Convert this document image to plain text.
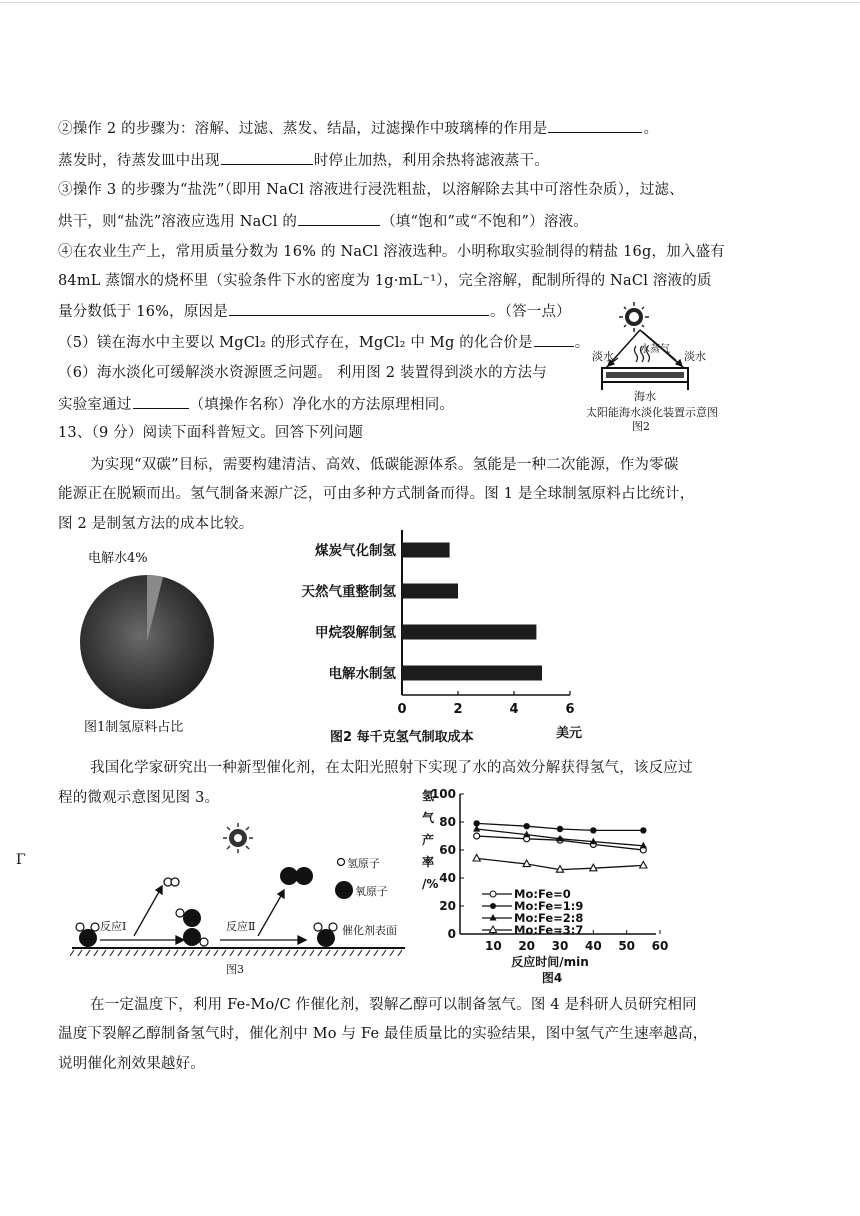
②操作 2 的步骤为：溶解、过滤、蒸发、结晶，过滤操作中玻璃棒的作用是	。
蒸发时，待蒸发皿中出现	时停止加热，利用余热将滤液蒸干。
③操作 3 的步骤为“盐洗”（即用 NaCl 溶液进行浸洗粗盐，以溶解除去其中可溶性杂质），过滤、
烘干，则“盐洗”溶液应选用 NaCl 的	（填“饱和”或“不饱和”）溶液。
④在农业生产上，常用质量分数为 16% 的 NaCl 溶液选种。小明称取实验制得的精盐 16g，加入盛有
84mL 蒸馏水的烧杯里（实验条件下水的密度为 1g·mL⁻¹），完全溶解，配制所得的 NaCl 溶液的质
量分数低于 16%，原因是	。（答一点）
（5）镁在海水中主要以 MgCl₂ 的形式存在，MgCl₂ 中 Mg 的化合价是	。
（6）海水淡化可缓解淡水资源匮乏问题。 利用图 2 装置得到淡水的方法与
实验室通过	（填操作名称）净化水的方法原理相同。
13、（9 分）阅读下面科普短文。回答下列问题
为实现“双碳”目标，需要构建清洁、高效、低碳能源体系。氢能是一种二次能源，作为零碳
能源正在脱颖而出。氢气制备来源广泛，可由多种方式制备而得。图 1 是全球制氢原料占比统计，
图 2 是制氢方法的成本比较。
我国化学家研究出一种新型催化剂，在太阳光照射下实现了水的高效分解获得氢气，该反应过
程的微观示意图见图 3。
在一定温度下，利用 Fe-Mo/C 作催化剂，裂解乙醇可以制备氢气。图 4 是科研人员研究相同
温度下裂解乙醇制备氢气时，催化剂中 Mo 与 Fe 最佳质量比的实验结果，图中氢气产生速率越高，
说明催化剂效果越好。
Γ
淡水
水蒸气
淡水
海水
太阳能海水淡化装置示意图
图2
电解水4%
图1制氢原料占比
煤炭气化制氢
天然气重整制氢
甲烷裂解制氢
电解水制氢
0	2	4	6
美元
图2 每千克氢气制取成本
反应Ⅰ	反应Ⅱ
氢原子
氧原子
催化剂表面
图3
0
20
40
60
80
100
10 20 30 40 50 60
氢
气
产
率
/%
反应时间/min
图4
Mo:Fe=0
Mo:Fe=1:9
Mo:Fe=2:8
Mo:Fe=3:7
